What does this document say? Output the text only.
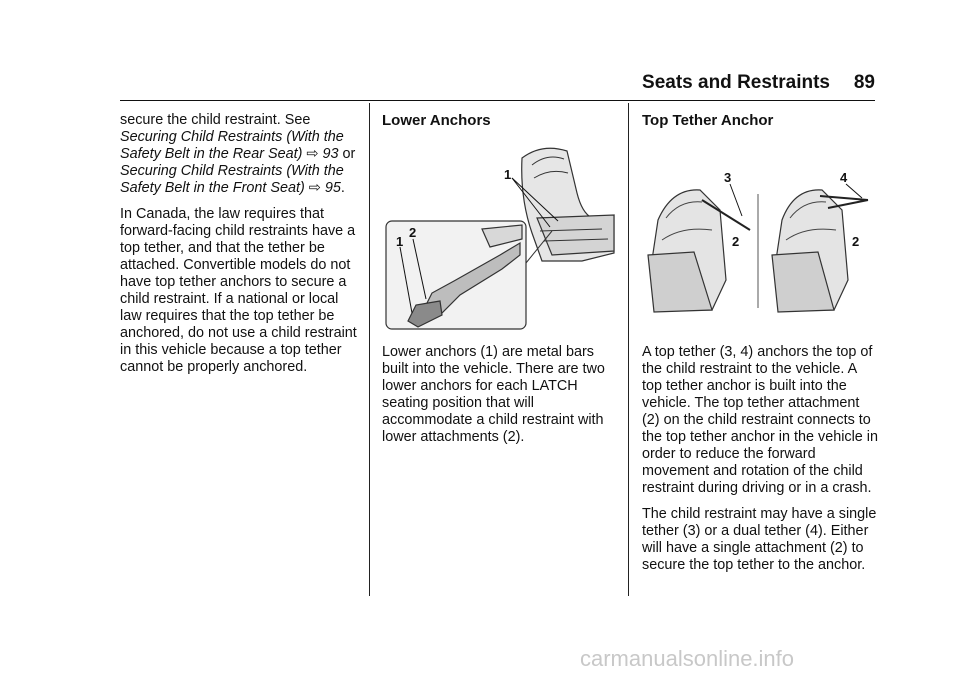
Seats and Restraints	89

secure the child restraint. See Securing Child Restraints (With the Safety Belt in the Rear Seat) ⇨ 93 or Securing Child Restraints (With the Safety Belt in the Front Seat) ⇨ 95.

In Canada, the law requires that forward-facing child restraints have a top tether, and that the tether be attached. Convertible models do not have top tether anchors to secure a child restraint. If a national or local law requires that the top tether be anchored, do not use a child restraint in this vehicle because a top tether cannot be properly anchored.

Lower Anchors

Lower anchors (1) are metal bars built into the vehicle. There are two lower anchors for each LATCH seating position that will accommodate a child restraint with lower attachments (2).

1
2
1
Top Tether Anchor

A top tether (3, 4) anchors the top of the child restraint to the vehicle. A top tether anchor is built into the vehicle. The top tether attachment (2) on the child restraint connects to the top tether anchor in the vehicle in order to reduce the forward movement and rotation of the child restraint during driving or in a crash.

The child restraint may have a single tether (3) or a dual tether (4). Either will have a single attachment (2) to secure the top tether to the anchor.

3	4
2	2
carmanualsonline.info
